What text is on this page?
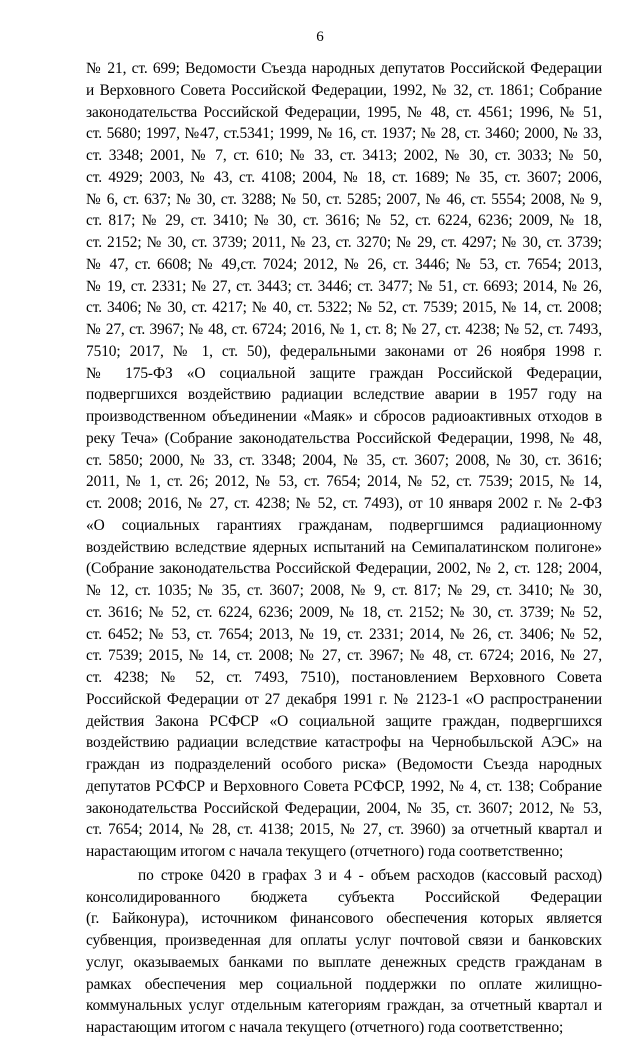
6
№ 21, ст. 699; Ведомости Съезда народных депутатов Российской Федерации
и Верховного Совета Российской Федерации, 1992, № 32, ст. 1861; Собрание
законодательства Российской Федерации, 1995, № 48, ст. 4561; 1996, № 51,
ст. 5680; 1997, №47, ст.5341; 1999, № 16, ст. 1937; № 28, ст. 3460; 2000, № 33,
ст. 3348; 2001, № 7, ст. 610; № 33, ст. 3413; 2002, № 30, ст. 3033; № 50,
ст. 4929; 2003, № 43, ст. 4108; 2004, № 18, ст. 1689; № 35, ст. 3607; 2006,
№ 6, ст. 637; № 30, ст. 3288; № 50, ст. 5285; 2007, № 46, ст. 5554; 2008, № 9,
ст. 817; № 29, ст. 3410; № 30, ст. 3616; № 52, ст. 6224, 6236; 2009, № 18,
ст. 2152; № 30, ст. 3739; 2011, № 23, ст. 3270; № 29, ст. 4297; № 30, ст. 3739;
№ 47, ст. 6608; № 49,ст. 7024; 2012, № 26, ст. 3446; № 53, ст. 7654; 2013,
№ 19, ст. 2331; № 27, ст. 3443; ст. 3446; ст. 3477; № 51, ст. 6693; 2014, № 26,
ст. 3406; № 30, ст. 4217; № 40, ст. 5322; № 52, ст. 7539; 2015, № 14, ст. 2008;
№ 27, ст. 3967; № 48, ст. 6724; 2016, № 1, ст. 8; № 27, ст. 4238; № 52, ст. 7493,
7510; 2017, № 1, ст. 50), федеральными законами от 26 ноября 1998 г.
№ 175-ФЗ «О социальной защите граждан Российской Федерации,
подвергшихся воздействию радиации вследствие аварии в 1957 году на
производственном объединении «Маяк» и сбросов радиоактивных отходов в
реку Теча» (Собрание законодательства Российской Федерации, 1998, № 48,
ст. 5850; 2000, № 33, ст. 3348; 2004, № 35, ст. 3607; 2008, № 30, ст. 3616;
2011, № 1, ст. 26; 2012, № 53, ст. 7654; 2014, № 52, ст. 7539; 2015, № 14,
ст. 2008; 2016, № 27, ст. 4238; № 52, ст. 7493), от 10 января 2002 г. № 2-ФЗ
«О социальных гарантиях гражданам, подвергшимся радиационному
воздействию вследствие ядерных испытаний на Семипалатинском полигоне»
(Собрание законодательства Российской Федерации, 2002, № 2, ст. 128; 2004,
№ 12, ст. 1035; № 35, ст. 3607; 2008, № 9, ст. 817; № 29, ст. 3410; № 30,
ст. 3616; № 52, ст. 6224, 6236; 2009, № 18, ст. 2152; № 30, ст. 3739; № 52,
ст. 6452; № 53, ст. 7654; 2013, № 19, ст. 2331; 2014, № 26, ст. 3406; № 52,
ст. 7539; 2015, № 14, ст. 2008; № 27, ст. 3967; № 48, ст. 6724; 2016, № 27,
ст. 4238; № 52, ст. 7493, 7510), постановлением Верховного Совета
Российской Федерации от 27 декабря 1991 г. № 2123-1 «О распространении
действия Закона РСФСР «О социальной защите граждан, подвергшихся
воздействию радиации вследствие катастрофы на Чернобыльской АЭС» на
граждан из подразделений особого риска» (Ведомости Съезда народных
депутатов РСФСР и Верховного Совета РСФСР, 1992, № 4, ст. 138; Собрание
законодательства Российской Федерации, 2004, № 35, ст. 3607; 2012, № 53,
ст. 7654; 2014, № 28, ст. 4138; 2015, № 27, ст. 3960) за отчетный квартал и
нарастающим итогом с начала текущего (отчетного) года соответственно;
по строке 0420 в графах 3 и 4 - объем расходов (кассовый расход)
консолидированного бюджета субъекта Российской Федерации
(г. Байконура), источником финансового обеспечения которых является
субвенция, произведенная для оплаты услуг почтовой связи и банковских
услуг, оказываемых банками по выплате денежных средств гражданам в
рамках обеспечения мер социальной поддержки по оплате жилищно-
коммунальных услуг отдельным категориям граждан, за отчетный квартал и
нарастающим итогом с начала текущего (отчетного) года соответственно;
